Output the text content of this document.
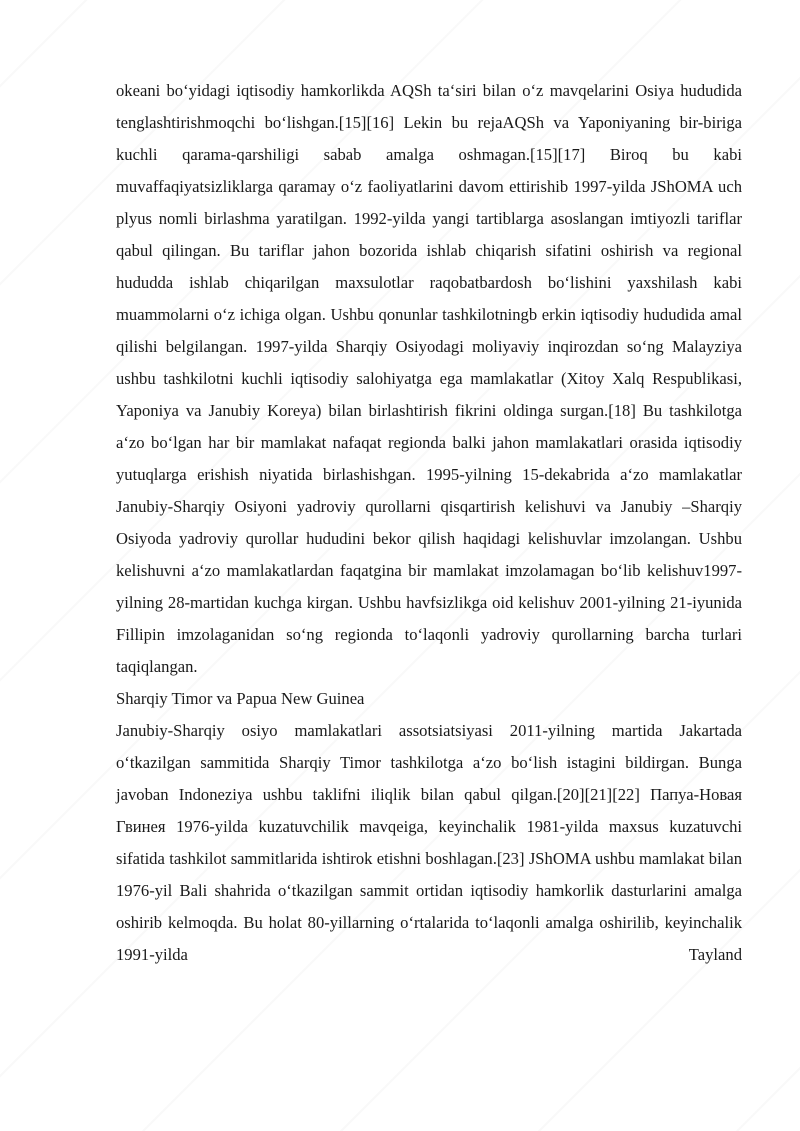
okeani bo‘yidagi iqtisodiy hamkorlikda AQSh ta‘siri bilan o‘z mavqelarini Osiya hududida tenglashtirishmoqchi bo‘lishgan.[15][16] Lekin bu rejaAQSh va Yaponiyaning bir-biriga kuchli qarama-qarshiligi sabab amalga oshmagan.[15][17] Biroq bu kabi muvaffaqiyatsizliklarga qaramay o‘z faoliyatlarini davom ettirishib 1997-yilda JShOMA uch plyus nomli birlashma yaratilgan. 1992-yilda yangi tartiblarga asoslangan imtiyozli tariflar qabul qilingan. Bu tariflar jahon bozorida ishlab chiqarish sifatini oshirish va regional hududda ishlab chiqarilgan maxsulotlar raqobatbardosh bo‘lishini yaxshilash kabi muammolarni o‘z ichiga olgan. Ushbu qonunlar tashkilotningb erkin iqtisodiy hududida amal qilishi belgilangan. 1997-yilda Sharqiy Osiyodagi moliyaviy inqirozdan so‘ng Malayziya ushbu tashkilotni kuchli iqtisodiy salohiyatga ega mamlakatlar (Xitoy Xalq Respublikasi, Yaponiya va Janubiy Koreya) bilan birlashtirish fikrini oldinga surgan.[18] Bu tashkilotga a‘zo bo‘lgan har bir mamlakat nafaqat regionda balki jahon mamlakatlari orasida iqtisodiy yutuqlarga erishish niyatida birlashishgan. 1995-yilning 15-dekabrida a‘zo mamlakatlar Janubiy-Sharqiy Osiyoni yadroviy qurollarni qisqartirish kelishuvi va Janubiy –Sharqiy Osiyoda yadroviy qurollar hududini bekor qilish haqidagi kelishuvlar imzolangan. Ushbu kelishuvni a‘zo mamlakatlardan faqatgina bir mamlakat imzolamagan bo‘lib kelishuv1997-yilning 28-martidan kuchga kirgan. Ushbu havfsizlikga oid kelishuv 2001-yilning 21-iyunida Fillipin imzolaganidan so‘ng regionda to‘laqonli yadroviy qurollarning barcha turlari taqiqlangan.

Sharqiy Timor va Papua New Guinea

Janubiy-Sharqiy osiyo mamlakatlari assotsiatsiyasi 2011-yilning martida Jakartada o‘tkazilgan sammitida Sharqiy Timor tashkilotga a‘zo bo‘lish istagini bildirgan. Bunga javoban Indoneziya ushbu taklifni iliqlik bilan qabul qilgan.[20][21][22] Папуа-Новая Гвинея 1976-yilda kuzatuvchilik mavqeiga, keyinchalik 1981-yilda maxsus kuzatuvchi sifatida tashkilot sammitlarida ishtirok etishni boshlagan.[23] JShOMA ushbu mamlakat bilan 1976-yil Bali shahrida o‘tkazilgan sammit ortidan iqtisodiy hamkorlik dasturlarini amalga oshirib kelmoqda. Bu holat 80-yillarning o‘rtalarida to‘laqonli amalga oshirilib, keyinchalik 1991-yilda Tayland
